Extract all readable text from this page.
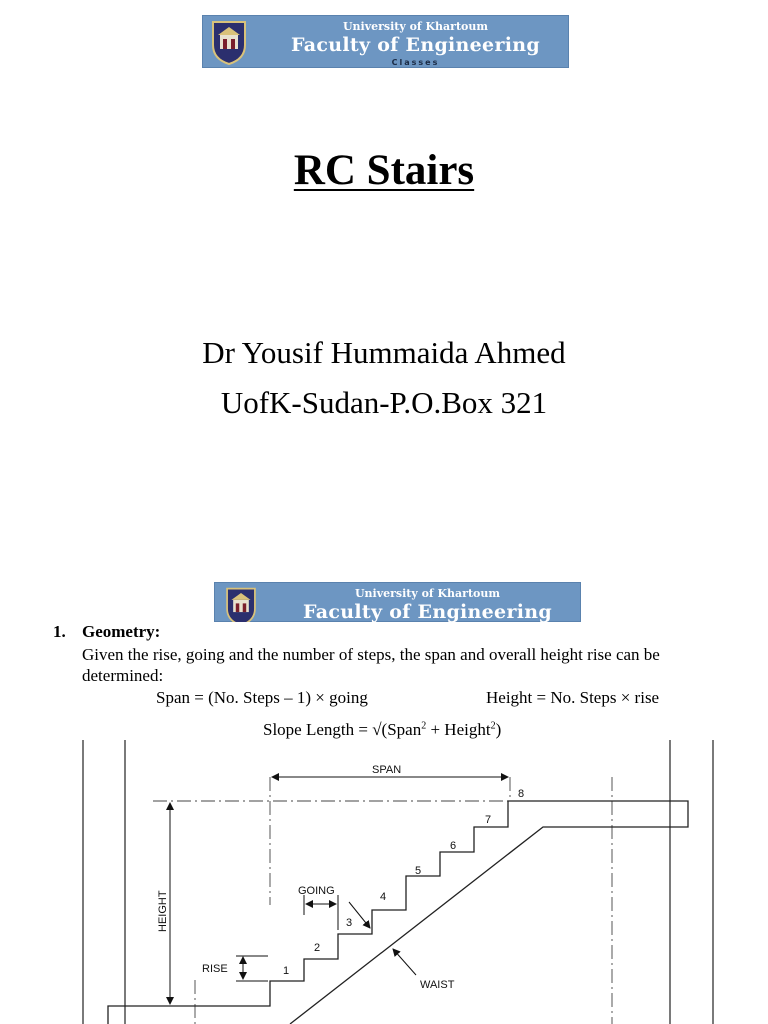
University of Khartoum
Faculty of Engineering
Classes
RC Stairs
Dr Yousif Hummaida Ahmed
UofK-Sudan-P.O.Box 321
University of Khartoum
Faculty of Engineering
1. Geometry:
Given the rise, going and the number of steps, the span and overall height rise can be determined:
Span = (No. Steps – 1) × going	Height = No. Steps × rise
Slope Length = √(Span$^2$ + Height$^2$)
SPAN
HEIGHT	GOING
RISE
WAIST
1
2
3
4
5
6
7
8
